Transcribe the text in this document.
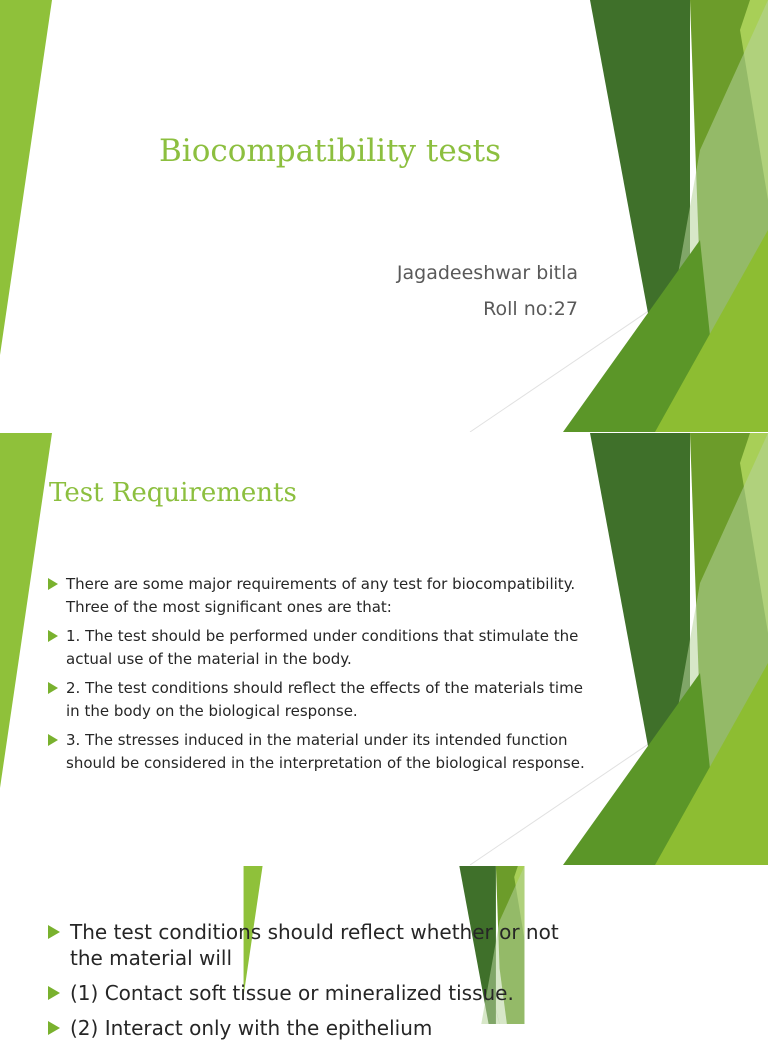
Biocompatibility tests

Jagadeeshwar bitla

Roll no:27

Test Requirements
There are some major requirements of any test for biocompatibility. Three of the most significant ones are that:
1. The test should be performed under conditions that stimulate the actual use of the material in the body.
2. The test conditions should reflect the effects of the materials time in the body on the biological response.
3. The stresses induced in the material under its intended function should be considered in the interpretation of the biological response.
The test conditions should reflect whether or not the material will
(1) Contact soft tissue or mineralized tissue.
(2) Interact only with the epithelium
